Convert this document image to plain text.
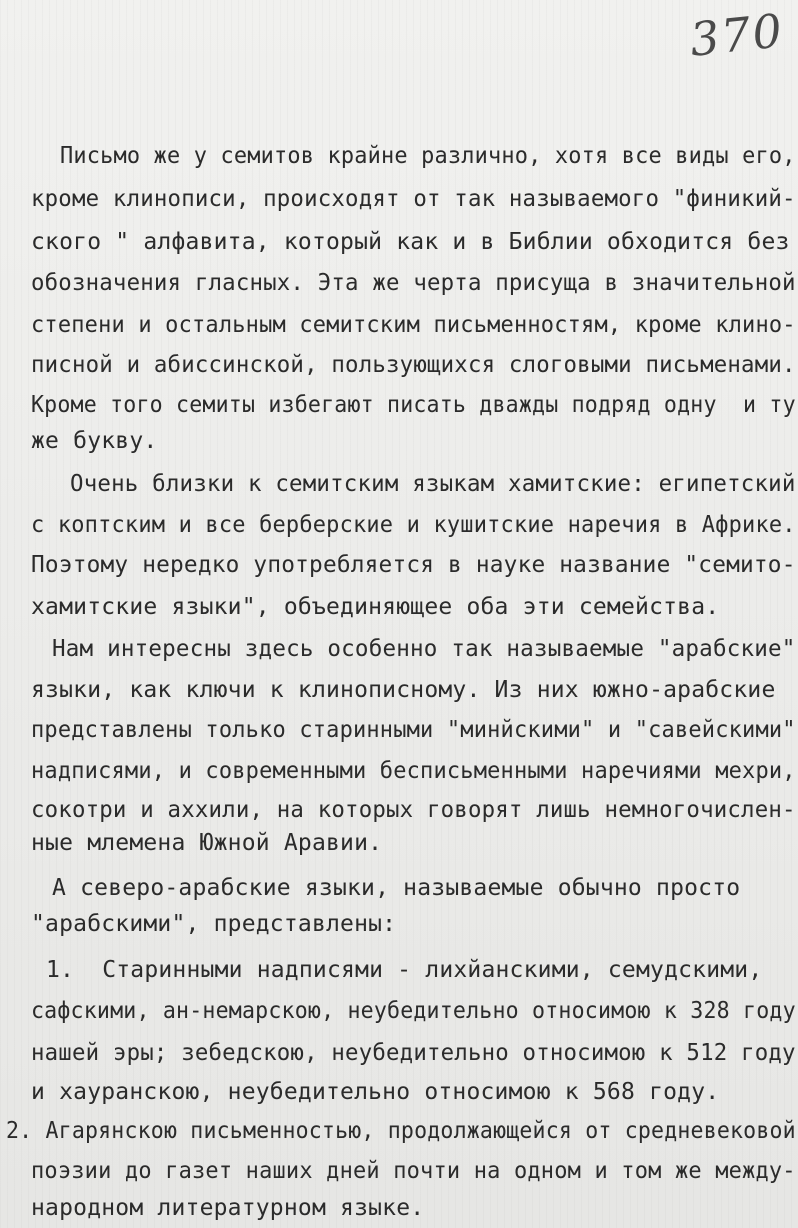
370
Письмо же у семитов крайне различно, хотя все виды его,
кроме клинописи, происходят от так называемого "финикий-
ского " алфавита, который как и в Библии обходится без
обозначения гласных. Эта же черта присуща в значительной
степени и остальным семитским письменностям, кроме клино-
писной и абиссинской, пользующихся слоговыми письменами.
Кроме того семиты избегают писать дважды подряд одну  и ту
же букву.
Очень близки к семитским языкам хамитские: египетский
с коптским и все берберские и кушитские наречия в Африке.
Поэтому нередко употребляется в науке название "семито-
хамитские языки", объединяющее оба эти семейства.
Нам интересны здесь особенно так называемые "арабские"
языки, как ключи к клинописному. Из них южно-арабские
представлены только старинными "минйскими" и "савейскими"
надписями, и современными бесписьменными наречиями мехри,
сокотри и аххили, на которых говорят лишь немногочислен-
ные млемена Южной Аравии.
А северо-арабские языки, называемые обычно просто
"арабскими", представлены:
1.  Старинными надписями - лихйанскими, семудскими,
сафскими, ан-немарскою, неубедительно относимою к 328 году
нашей эры; зебедскою, неубедительно относимою к 512 году
и хауранскою, неубедительно относимою к 568 году.
2. Агарянскою письменностью, продолжающейся от средневековой
поэзии до газет наших дней почти на одном и том же между-
народном литературном языке.
